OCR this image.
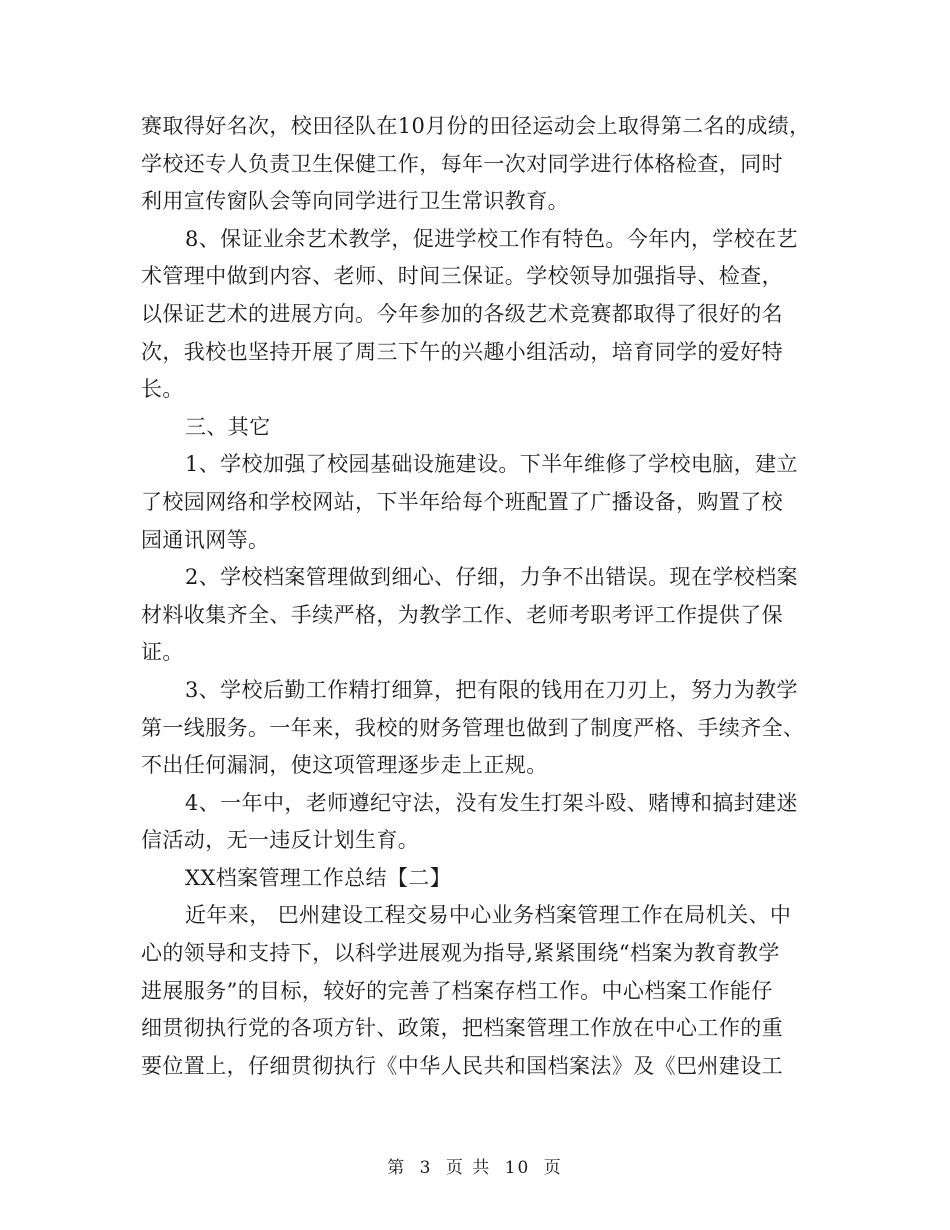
赛取得好名次，校田径队在10月份的田径运动会上取得第二名的成绩，
学校还专人负责卫生保健工作，每年一次对同学进行体格检查，同时
利用宣传窗队会等向同学进行卫生常识教育。
8、保证业余艺术教学，促进学校工作有特色。今年内，学校在艺
术管理中做到内容、老师、时间三保证。学校领导加强指导、检查，
以保证艺术的进展方向。今年参加的各级艺术竞赛都取得了很好的名
次，我校也坚持开展了周三下午的兴趣小组活动，培育同学的爱好特
长。
三、其它
1、学校加强了校园基础设施建设。下半年维修了学校电脑，建立
了校园网络和学校网站，下半年给每个班配置了广播设备，购置了校
园通讯网等。
2、学校档案管理做到细心、仔细，力争不出错误。现在学校档案
材料收集齐全、手续严格，为教学工作、老师考职考评工作提供了保
证。
3、学校后勤工作精打细算，把有限的钱用在刀刃上，努力为教学
第一线服务。一年来，我校的财务管理也做到了制度严格、手续齐全、
不出任何漏洞，使这项管理逐步走上正规。
4、一年中，老师遵纪守法，没有发生打架斗殴、赌博和搞封建迷
信活动，无一违反计划生育。
XX档案管理工作总结【二】
近年来， 巴州建设工程交易中心业务档案管理工作在局机关、中
心的领导和支持下，以科学进展观为指导,紧紧围绕“档案为教育教学
进展服务”的目标，较好的完善了档案存档工作。中心档案工作能仔
细贯彻执行党的各项方针、政策，把档案管理工作放在中心工作的重
要位置上，仔细贯彻执行《中华人民共和国档案法》及《巴州建设工
第 3 页 共 10 页
